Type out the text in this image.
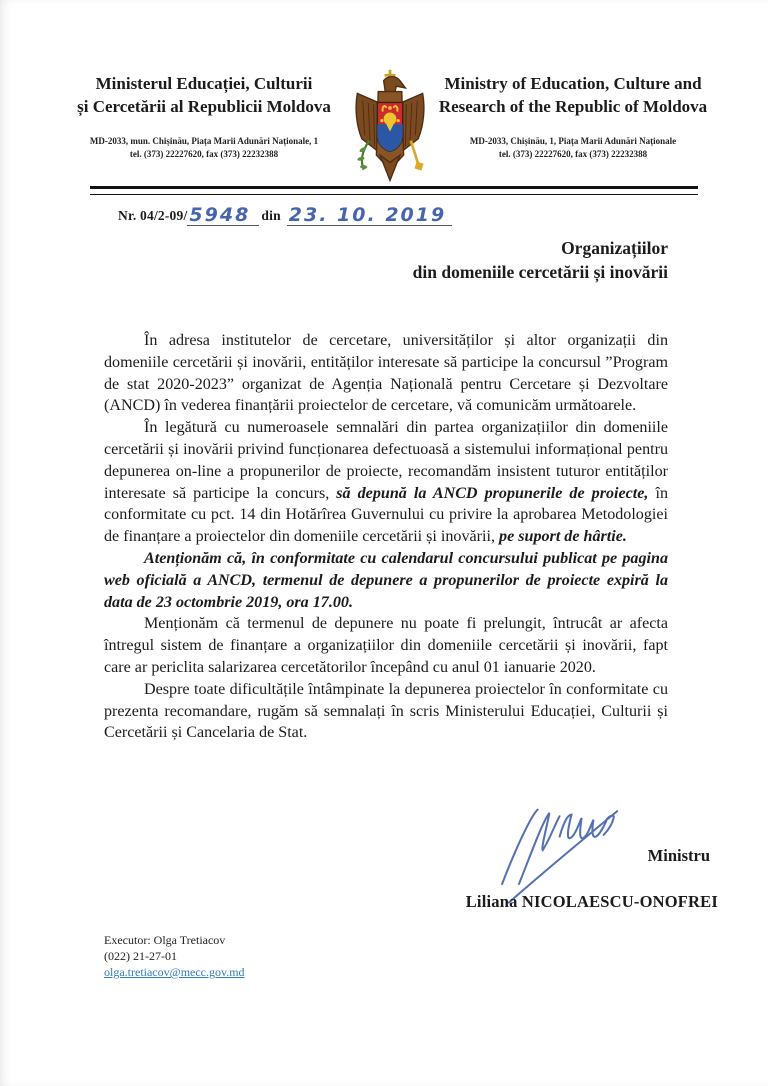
Ministerul Educației, Culturii
și Cercetării al Republicii Moldova
MD-2033, mun. Chișinău, Piața Marii Adunări Naționale, 1
tel. (373) 22227620, fax (373) 22232388
Ministry of Education, Culture and
Research of the Republic of Moldova
MD-2033, Chișinău, 1, Piața Marii Adunări Naționale
tel. (373) 22227620, fax (373) 22232388
Nr. 04/2-09/ 5948 din 23. 10. 2019
Organizațiilor
din domeniile cercetării și inovării

În adresa institutelor de cercetare, universităților și altor organizații din domeniile cercetării și inovării, entităților interesate să participe la concursul ”Program de stat 2020-2023” organizat de Agenția Națională pentru Cercetare și Dezvoltare (ANCD) în vederea finanțării proiectelor de cercetare, vă comunicăm următoarele.

În legătură cu numeroasele semnalări din partea organizațiilor din domeniile cercetării și inovării privind funcționarea defectuoasă a sistemului informațional pentru depunerea on-line a propunerilor de proiecte, recomandăm insistent tuturor entităților interesate să participe la concurs, să depună la ANCD propunerile de proiecte, în conformitate cu pct. 14 din Hotărîrea Guvernului cu privire la aprobarea Metodologiei de finanțare a proiectelor din domeniile cercetării și inovării, pe suport de hârtie.

Atenționăm că, în conformitate cu calendarul concursului publicat pe pagina web oficială a ANCD, termenul de depunere a propunerilor de proiecte expiră la data de 23 octombrie 2019, ora 17.00.

Menționăm că termenul de depunere nu poate fi prelungit, întrucât ar afecta întregul sistem de finanțare a organizațiilor din domeniile cercetării și inovării, fapt care ar periclita salarizarea cercetătorilor începând cu anul 01 ianuarie 2020.

Despre toate dificultățile întâmpinate la depunerea proiectelor în conformitate cu prezenta recomandare, rugăm să semnalați în scris Ministerului Educației, Culturii și Cercetării și Cancelaria de Stat.

Ministru
Liliana NICOLAESCU-ONOFREI
Executor: Olga Tretiacov
(022) 21-27-01
olga.tretiacov@mecc.gov.md
